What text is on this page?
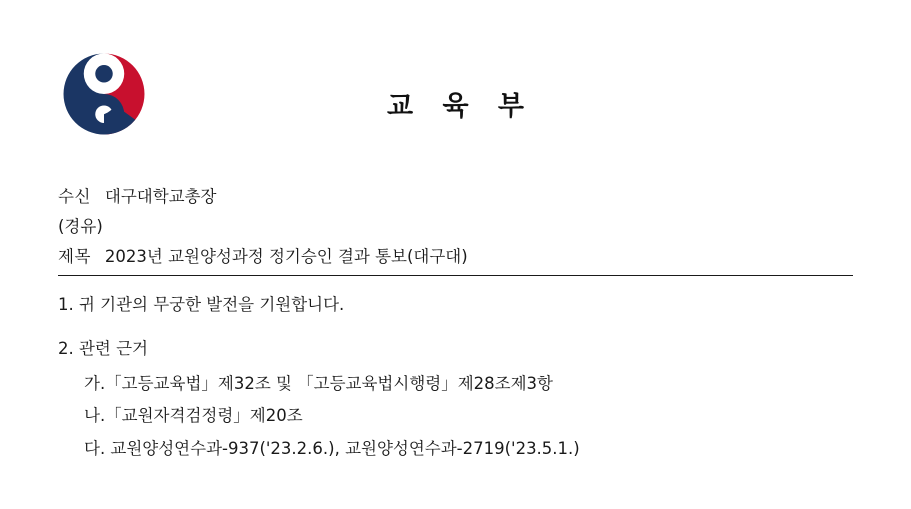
교 육 부
수신 대구대학교총장
(경유)
제목 2023년 교원양성과정 정기승인 결과 통보(대구대)
1. 귀 기관의 무궁한 발전을 기원합니다.
2. 관련 근거
가.「고등교육법」제32조 및 「고등교육법시행령」제28조제3항
나.「교원자격검정령」제20조
다. 교원양성연수과-937('23.2.6.), 교원양성연수과-2719('23.5.1.)
